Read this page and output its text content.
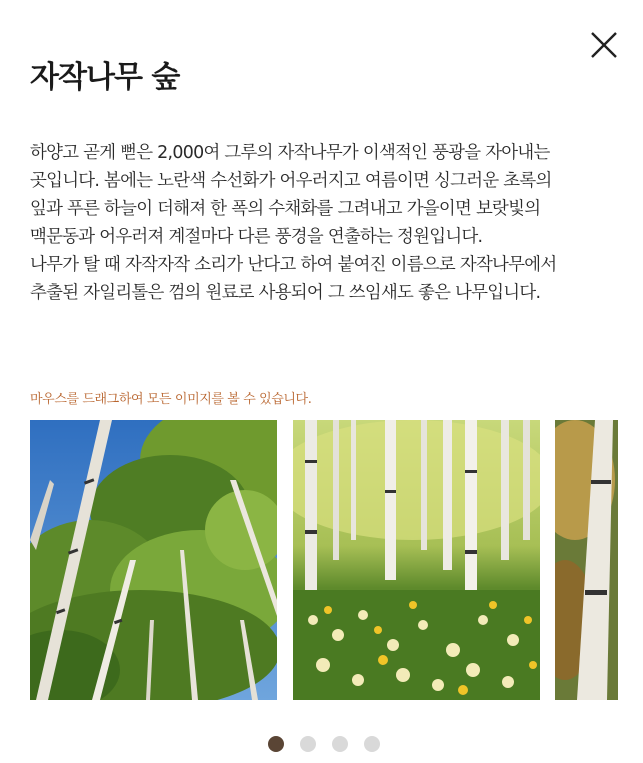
자작나무 숲

하양고 곧게 뻗은 2,000여 그루의 자작나무가 이색적인 풍광을 자아내는
곳입니다. 봄에는 노란색 수선화가 어우러지고 여름이면 싱그러운 초록의
잎과 푸른 하늘이 더해져 한 폭의 수채화를 그려내고 가을이면 보랏빛의
맥문동과 어우러져 계절마다 다른 풍경을 연출하는 정원입니다.
나무가 탈 때 자작자작 소리가 난다고 하여 붙여진 이름으로 자작나무에서
추출된 자일리톨은 껌의 원료로 사용되어 그 쓰임새도 좋은 나무입니다.

마우스를 드래그하여 모든 이미지를 볼 수 있습니다.
